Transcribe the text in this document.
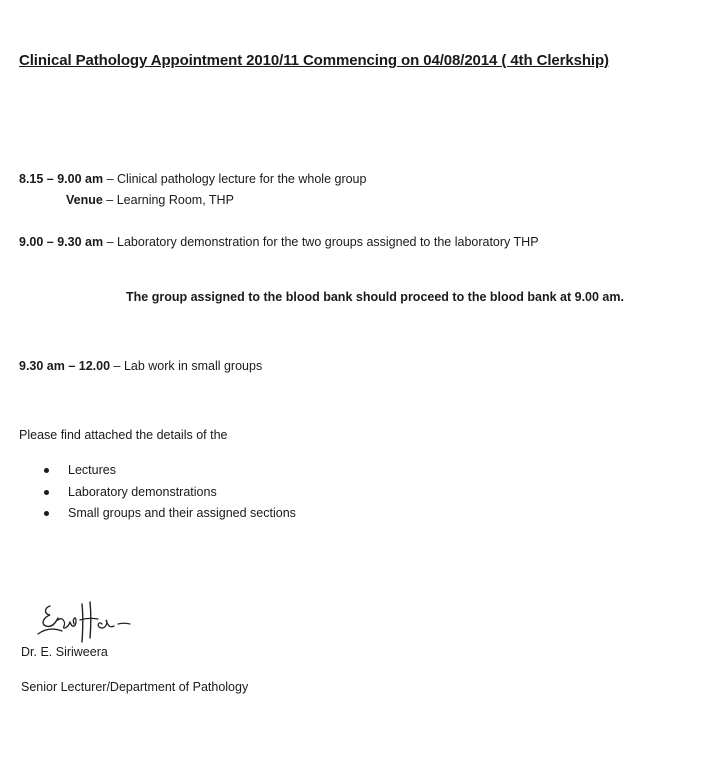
Clinical Pathology Appointment 2010/11 Commencing on 04/08/2014 ( 4th Clerkship)
8.15 – 9.00 am – Clinical pathology lecture for the whole group
Venue – Learning Room, THP
9.00 – 9.30 am – Laboratory demonstration for the two groups assigned to the laboratory THP
The group assigned to the blood bank should proceed to the blood bank at 9.00 am.
9.30 am – 12.00 – Lab work in small groups
Please find attached the details of the
Lectures
Laboratory demonstrations
Small groups and their assigned sections
Dr. E. Siriweera
Senior Lecturer/Department of Pathology
